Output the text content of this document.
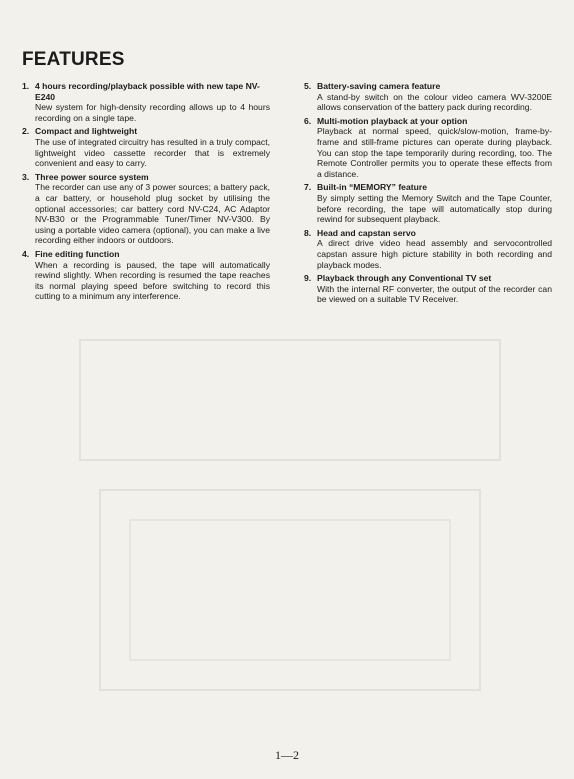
FEATURES
1. 4 hours recording/playback possible with new tape NV-E240
New system for high-density recording allows up to 4 hours recording on a single tape.
2. Compact and lightweight
The use of integrated circuitry has resulted in a truly compact, lightweight video cassette recorder that is extremely convenient and easy to carry.
3. Three power source system
The recorder can use any of 3 power sources; a battery pack, a car battery, or household plug socket by utilising the optional accessories; car battery cord NV-C24, AC Adaptor NV-B30 or the Programmable Tuner/Timer NV-V300. By using a portable video camera (optional), you can make a live recording either indoors or outdoors.
4. Fine editing function
When a recording is paused, the tape will automatically rewind slightly. When recording is resumed the tape reaches its normal playing speed before switching to record this cutting to a minimum any interference.
5. Battery-saving camera feature
A stand-by switch on the colour video camera WV-3200E allows conservation of the battery pack during recording.
6. Multi-motion playback at your option
Playback at normal speed, quick/slow-motion, frame-by-frame and still-frame pictures can operate during playback. You can stop the tape temporarily during recording, too. The Remote Controller permits you to operate these effects from a distance.
7. Built-in “MEMORY” feature
By simply setting the Memory Switch and the Tape Counter, before recording, the tape will automatically stop during rewind for subsequent playback.
8. Head and capstan servo
A direct drive video head assembly and servocontrolled capstan assure high picture stability in both recording and playback modes.
9. Playback through any Conventional TV set
With the internal RF converter, the output of the recorder can be viewed on a suitable TV Receiver.
1—2
